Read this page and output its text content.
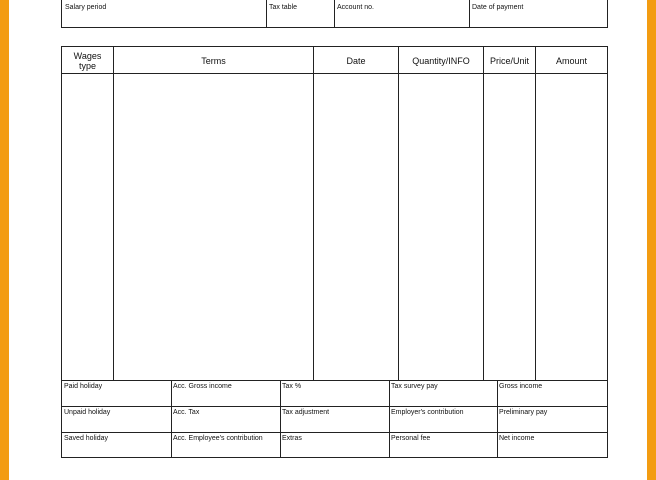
Salary period	Tax table	Account no.	Date of payment
Wages type	Terms	Date	Quantity/INFO	Price/Unit	Amount
Paid holiday	Acc. Gross income	Tax %	Tax survey pay	Gross income
Unpaid holiday	Acc. Tax	Tax adjustment	Employer's contribution	Preliminary pay
Saved holiday	Acc. Employee's contribution	Extras	Personal fee	Net income
